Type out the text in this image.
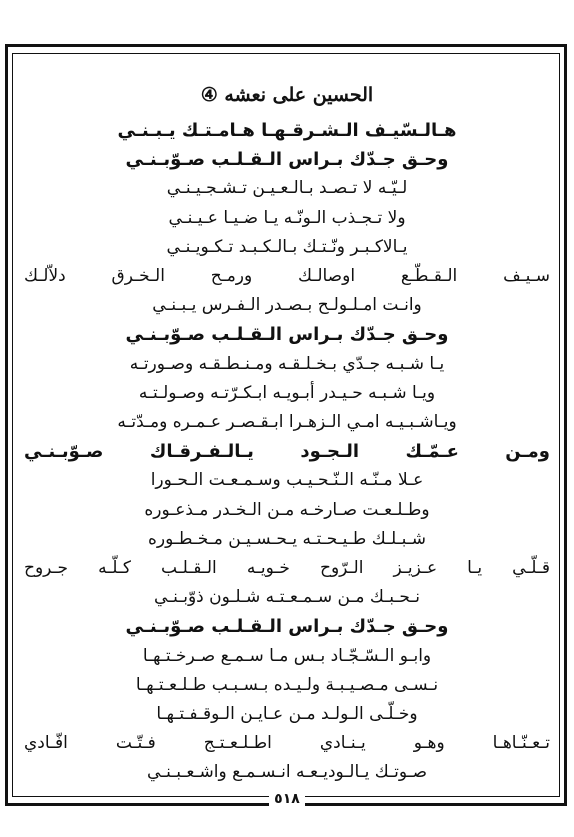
الحسين على نعشه ④
هـالـسّيـف الـشـرقـهـا هـامـتـك يـبـنـي
وحـق جـدّك بـراس الـقـلـب صـوّبـنـي
لـيّـه لا تـصـد بـالـعـيـن تـشـجـيـنـي
ولا تـجـذب الـونّـه يـا ضـيـا عـيـنـي
يـالاكـبـر ونّـتـك بـالـكـبـد تـكـويـنـي
سـيـف الـقـطّـع اوصالـك ورمـح الـخـرق دلاّلـك
وانـت امـلـولـح بـصـدر الـفـرس يـبـنـي
وحـق جـدّك بـراس الـقـلـب صـوّبـنـي
يـا شـبـه جـدّي بـخـلـقـه ومـنـطـقـه وصـورتـه
ويـا شـبـه حـيـدر أبـويـه ابـكـرّتـه وصـولـتـه
ويـاشـبـيـه امـي الـزهـرا ابـقـصـر عـمـره ومـدّتـه
ومـن عـمّـك الـجـود يـالـفـرقـاك صـوّبـنـي
عـلا مـنّـه الـنّـحـيـب وسـمـعـت الـحـورا
وطـلـعـت صـارخـه مـن الـخـدر مـذعـوره
شـبـلـك طـيـحـتـه يـحـسـيـن مـخـطـوره
قـلّـي يـا عـزيـز الـرّوح خـويـه الـقـلـب كـلّـه جـروح
نـحـبـك مـن سـمـعـتـه شـلـون ذوّبـنـي
وحـق جـدّك بـراس الـقـلـب صـوّبـنـي
وابـو الـسّـجّـاد بـس مـا سـمـع صـرخـتـهـا
نـسـى مـصـيـبـة ولـيـده بـسـبـب طـلـعـتـهـا
وخـلّـى الـولـد مـن عـايـن الـوقـفـتـهـا
تـعـنّـاهـا وهـو يـنـادي اطـلـعـتـج فـتّـت افّـادي
صـوتـك يـالـوديـعـه انـسـمـع واشـعـبـنـي
٥١٨
